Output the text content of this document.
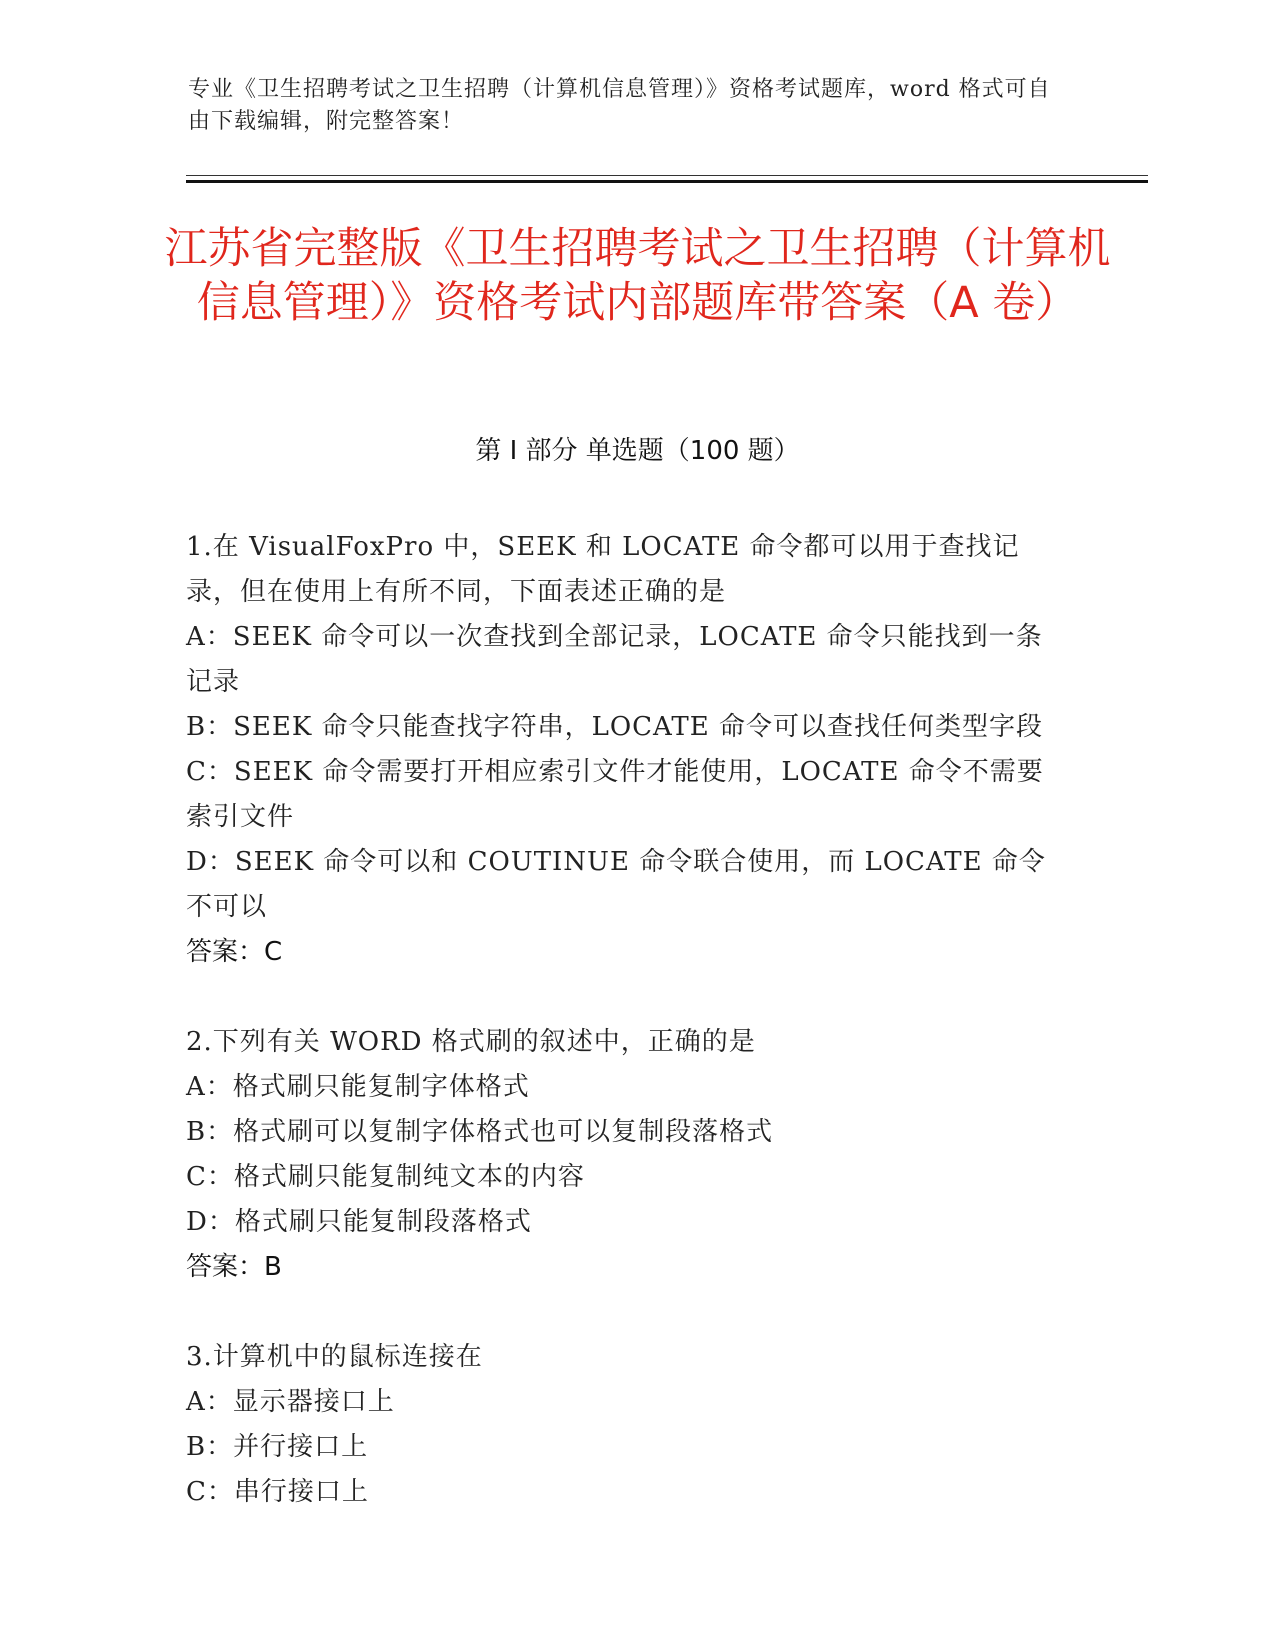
专业《卫生招聘考试之卫生招聘（计算机信息管理）》资格考试题库，word 格式可自由下载编辑，附完整答案！
江苏省完整版《卫生招聘考试之卫生招聘（计算机信息管理）》资格考试内部题库带答案（A 卷）
第 I 部分 单选题（100 题）
1.在 VisualFoxPro 中，SEEK 和 LOCATE 命令都可以用于查找记录，但在使用上有所不同，下面表述正确的是
A：SEEK 命令可以一次查找到全部记录，LOCATE 命令只能找到一条记录
B：SEEK 命令只能查找字符串，LOCATE 命令可以查找任何类型字段
C：SEEK 命令需要打开相应索引文件才能使用，LOCATE 命令不需要索引文件
D：SEEK 命令可以和 COUTINUE 命令联合使用，而 LOCATE 命令不可以
答案：C
2.下列有关 WORD 格式刷的叙述中，正确的是
A：格式刷只能复制字体格式
B：格式刷可以复制字体格式也可以复制段落格式
C：格式刷只能复制纯文本的内容
D：格式刷只能复制段落格式
答案：B
3.计算机中的鼠标连接在
A：显示器接口上
B：并行接口上
C：串行接口上
